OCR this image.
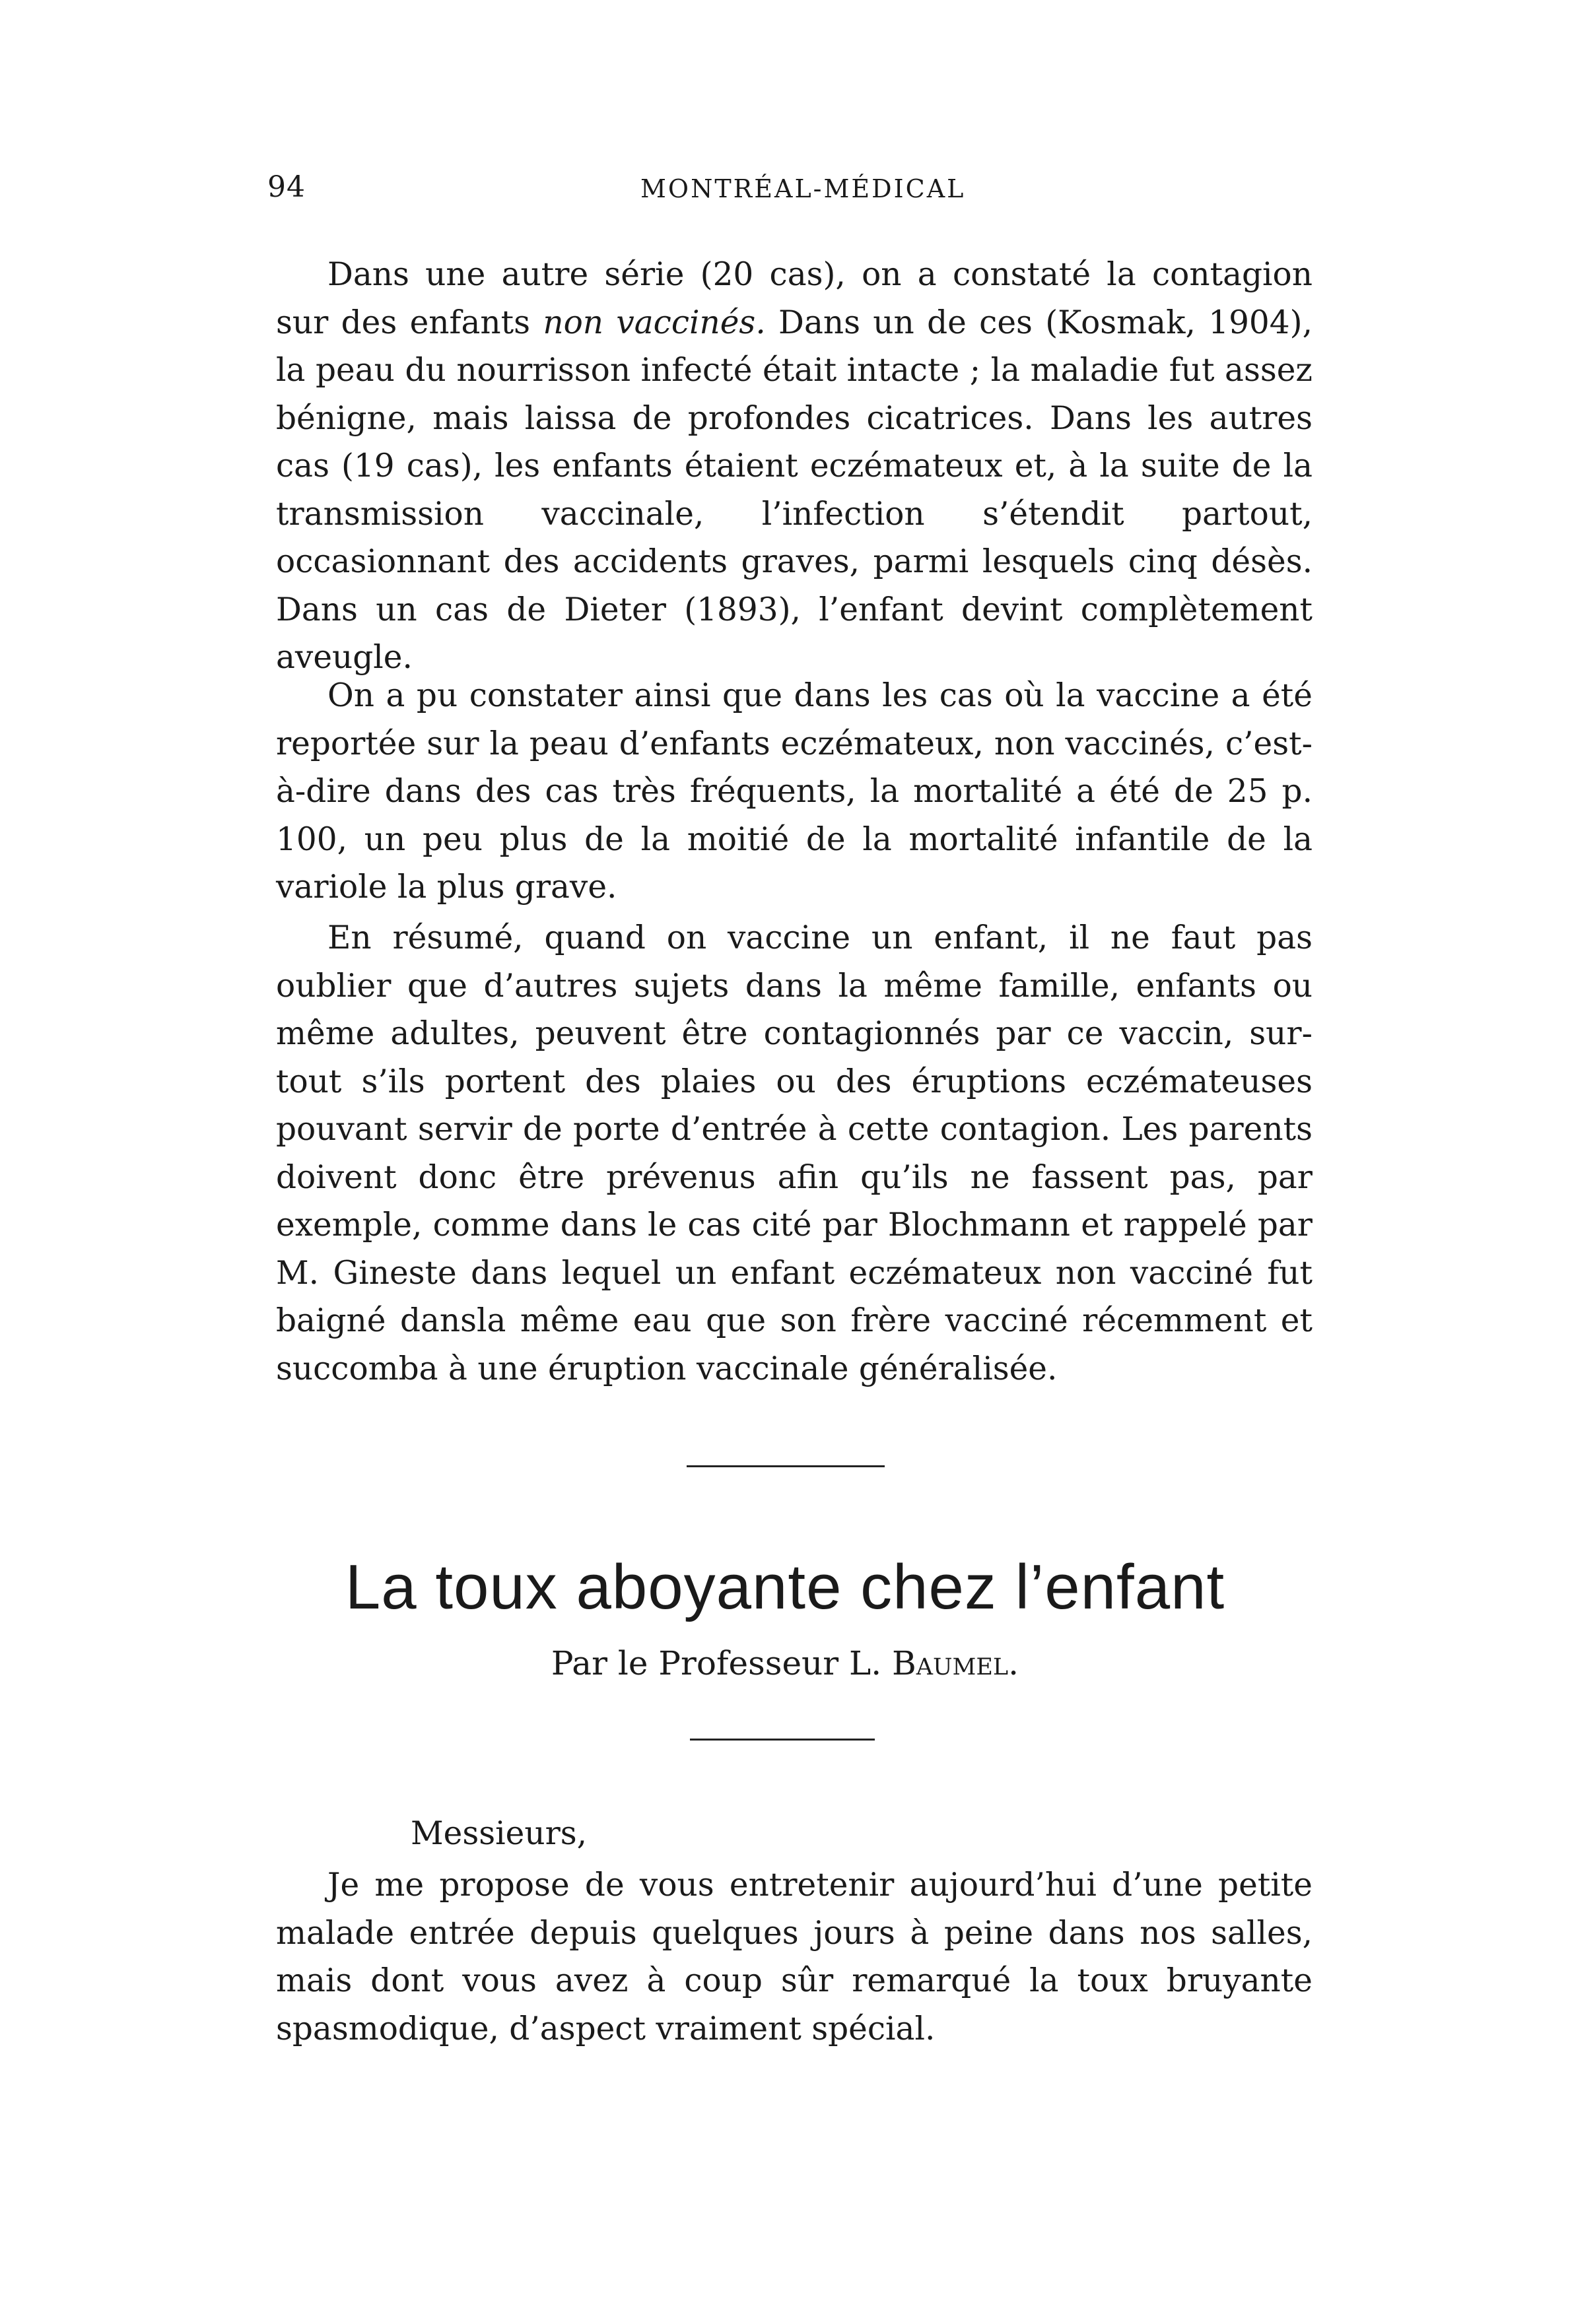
94	MONTRÉAL-MÉDICAL

Dans une autre série (20 cas), on a constaté la contagion sur des enfants non vaccinés. Dans un de ces (Kosmak, 1904), la peau du nourrisson infecté était intacte ; la maladie fut assez bénigne, mais laissa de profondes cicatrices. Dans les autres cas (19 cas), les enfants étaient eczémateux et, à la suite de la transmission vaccinale, l’infection s’étendit partout, occasionnant des accidents graves, parmi lesquels cinq désès. Dans un cas de Dieter (1893), l’enfant devint complètement aveugle.

On a pu constater ainsi que dans les cas où la vaccine a été reportée sur la peau d’enfants eczémateux, non vaccinés, c’est-à-dire dans des cas très fréquents, la mortalité a été de 25 p. 100, un peu plus de la moitié de la mortalité infantile de la variole la plus grave.

En résumé, quand on vaccine un enfant, il ne faut pas oublier que d’autres sujets dans la même famille, enfants ou même adultes, peuvent être contagionnés par ce vaccin, surtout s’ils portent des plaies ou des éruptions eczémateuses pouvant servir de porte d’entrée à cette contagion. Les parents doivent donc être prévenus afin qu’ils ne fassent pas, par exemple, comme dans le cas cité par Blochmann et rappelé par M. Gineste dans lequel un enfant eczémateux non vacciné fut baigné dansla même eau que son frère vacciné récemment et succomba à une éruption vaccinale généralisée.

La toux aboyante chez l’enfant
Par le Professeur L. Baumel.
Messieurs,

Je me propose de vous entretenir aujourd’hui d’une petite malade entrée depuis quelques jours à peine dans nos salles, mais dont vous avez à coup sûr remarqué la toux bruyante spasmodique, d’aspect vraiment spécial.
